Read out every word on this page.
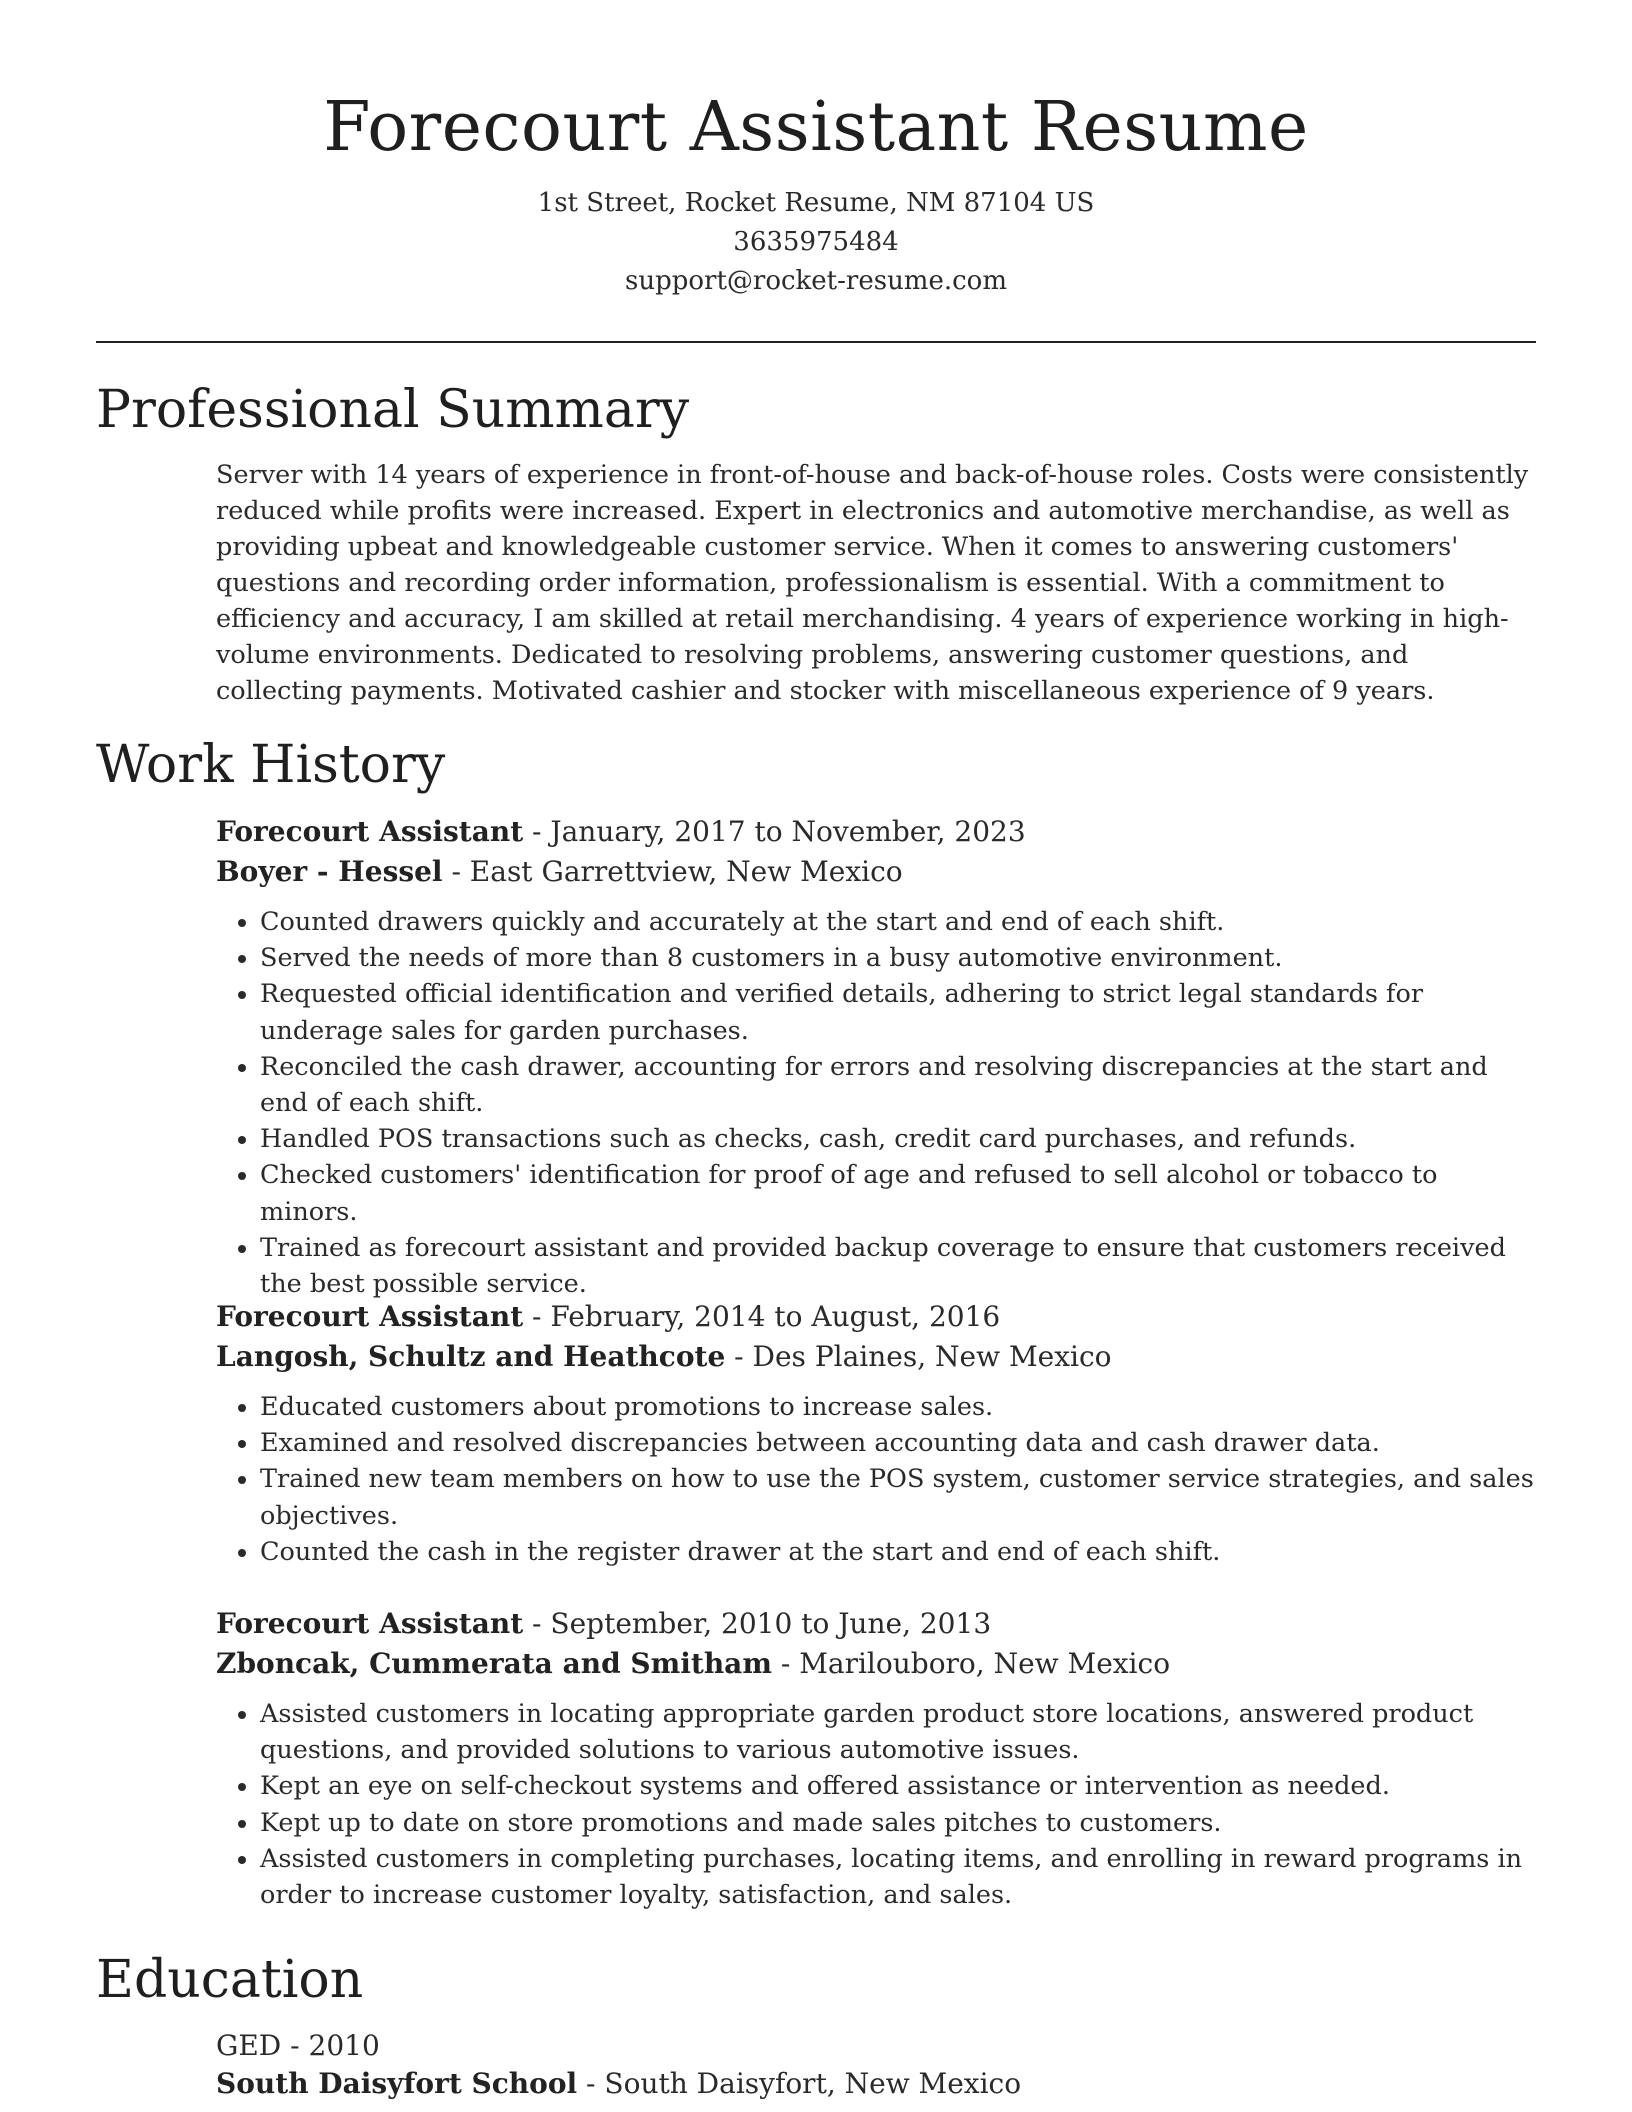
Forecourt Assistant Resume
1st Street, Rocket Resume, NM 87104 US
3635975484
support@rocket-resume.com
Professional Summary

Server with 14 years of experience in front-of-house and back-of-house roles. Costs were consistently reduced while profits were increased. Expert in electronics and automotive merchandise, as well as providing upbeat and knowledgeable customer service. When it comes to answering customers' questions and recording order information, professionalism is essential. With a commitment to efficiency and accuracy, I am skilled at retail merchandising. 4 years of experience working in high-volume environments. Dedicated to resolving problems, answering customer questions, and collecting payments. Motivated cashier and stocker with miscellaneous experience of 9 years.

Work History
Forecourt Assistant - January, 2017 to November, 2023
Boyer - Hessel - East Garrettview, New Mexico
• Counted drawers quickly and accurately at the start and end of each shift.
• Served the needs of more than 8 customers in a busy automotive environment.
• Requested official identification and verified details, adhering to strict legal standards for underage sales for garden purchases.
• Reconciled the cash drawer, accounting for errors and resolving discrepancies at the start and end of each shift.
• Handled POS transactions such as checks, cash, credit card purchases, and refunds.
• Checked customers' identification for proof of age and refused to sell alcohol or tobacco to minors.
• Trained as forecourt assistant and provided backup coverage to ensure that customers received the best possible service.
Forecourt Assistant - February, 2014 to August, 2016
Langosh, Schultz and Heathcote - Des Plaines, New Mexico
• Educated customers about promotions to increase sales.
• Examined and resolved discrepancies between accounting data and cash drawer data.
• Trained new team members on how to use the POS system, customer service strategies, and sales objectives.
• Counted the cash in the register drawer at the start and end of each shift.
Forecourt Assistant - September, 2010 to June, 2013
Zboncak, Cummerata and Smitham - Marilouboro, New Mexico
• Assisted customers in locating appropriate garden product store locations, answered product questions, and provided solutions to various automotive issues.
• Kept an eye on self-checkout systems and offered assistance or intervention as needed.
• Kept up to date on store promotions and made sales pitches to customers.
• Assisted customers in completing purchases, locating items, and enrolling in reward programs in order to increase customer loyalty, satisfaction, and sales.
Education
GED - 2010
South Daisyfort School - South Daisyfort, New Mexico
